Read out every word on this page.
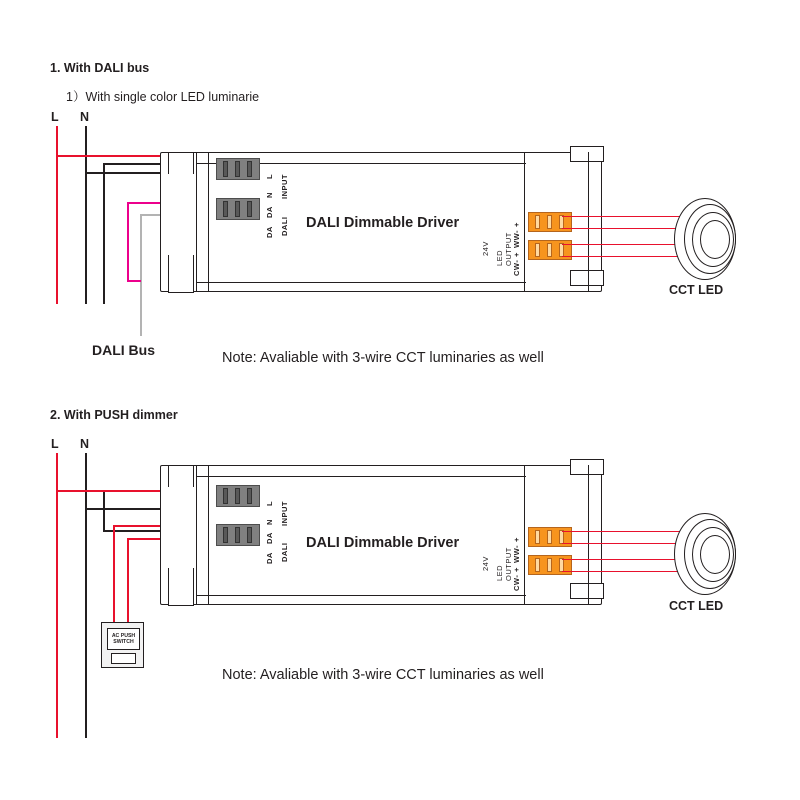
1. With DALI bus
1）With single color LED luminarie
L N
DALI Bus
L
N INPUT
DA
DA DALI DALI Dimmable Driver	+
WW-
+
CW-
LED OUTPUT
24V
CCT LED
Note: Avaliable with 3-wire CCT luminaries as well
2. With PUSH dimmer
L N
AC PUSH
SWITCH
L
N INPUT
DA
DA DALI DALI Dimmable Driver	+
WW-
+
CW-
LED OUTPUT
24V
CCT LED
Note: Avaliable with 3-wire CCT luminaries as well
